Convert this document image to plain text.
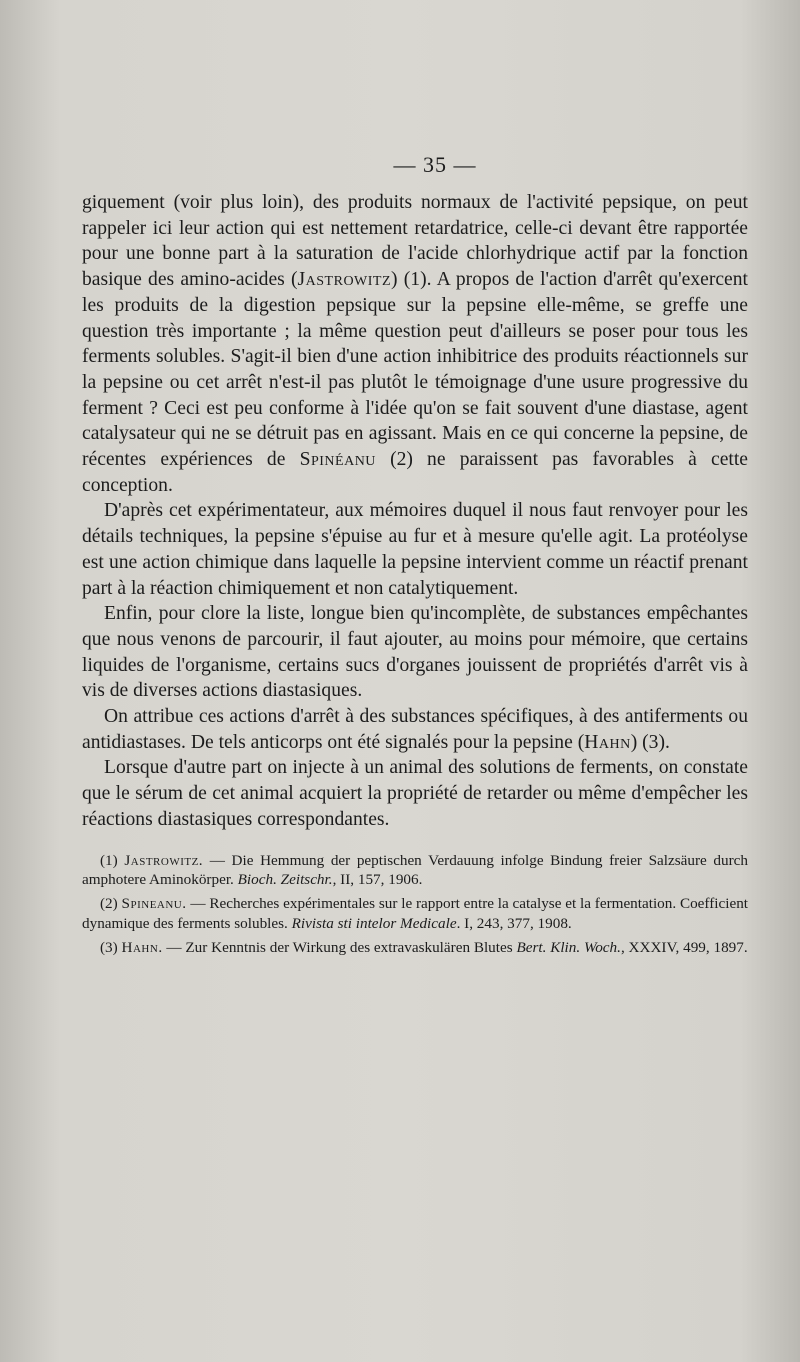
— 35 —

giquement (voir plus loin), des produits normaux de l'activité pepsique, on peut rappeler ici leur action qui est nettement retardatrice, celle-ci devant être rapportée pour une bonne part à la saturation de l'acide chlorhydrique actif par la fonction basique des amino-acides (Jastrowitz) (1). A propos de l'action d'arrêt qu'exercent les produits de la digestion pepsique sur la pepsine elle-même, se greffe une question très importante ; la même question peut d'ailleurs se poser pour tous les ferments solubles. S'agit-il bien d'une action inhibitrice des produits réactionnels sur la pepsine ou cet arrêt n'est-il pas plutôt le témoignage d'une usure progressive du ferment ? Ceci est peu conforme à l'idée qu'on se fait souvent d'une diastase, agent catalysateur qui ne se détruit pas en agissant. Mais en ce qui concerne la pepsine, de récentes expériences de Spinéanu (2) ne paraissent pas favorables à cette conception.

D'après cet expérimentateur, aux mémoires duquel il nous faut renvoyer pour les détails techniques, la pepsine s'épuise au fur et à mesure qu'elle agit. La protéolyse est une action chimique dans laquelle la pepsine intervient comme un réactif prenant part à la réaction chimiquement et non catalytiquement.

Enfin, pour clore la liste, longue bien qu'incomplète, de substances empêchantes que nous venons de parcourir, il faut ajouter, au moins pour mémoire, que certains liquides de l'organisme, certains sucs d'organes jouissent de propriétés d'arrêt vis à vis de diverses actions diastasiques.

On attribue ces actions d'arrêt à des substances spécifiques, à des antiferments ou antidiastases. De tels anticorps ont été signalés pour la pepsine (Hahn) (3).

Lorsque d'autre part on injecte à un animal des solutions de ferments, on constate que le sérum de cet animal acquiert la propriété de retarder ou même d'empêcher les réactions diastasiques correspondantes.

(1) Jastrowitz. — Die Hemmung der peptischen Verdauung infolge Bindung freier Salzsäure durch amphotere Aminokörper. Bioch. Zeitschr., II, 157, 1906.

(2) Spineanu. — Recherches expérimentales sur le rapport entre la catalyse et la fermentation. Coefficient dynamique des ferments solubles. Rivista sti intelor Medicale. I, 243, 377, 1908.

(3) Hahn. — Zur Kenntnis der Wirkung des extravaskulären Blutes Bert. Klin. Woch., XXXIV, 499, 1897.
